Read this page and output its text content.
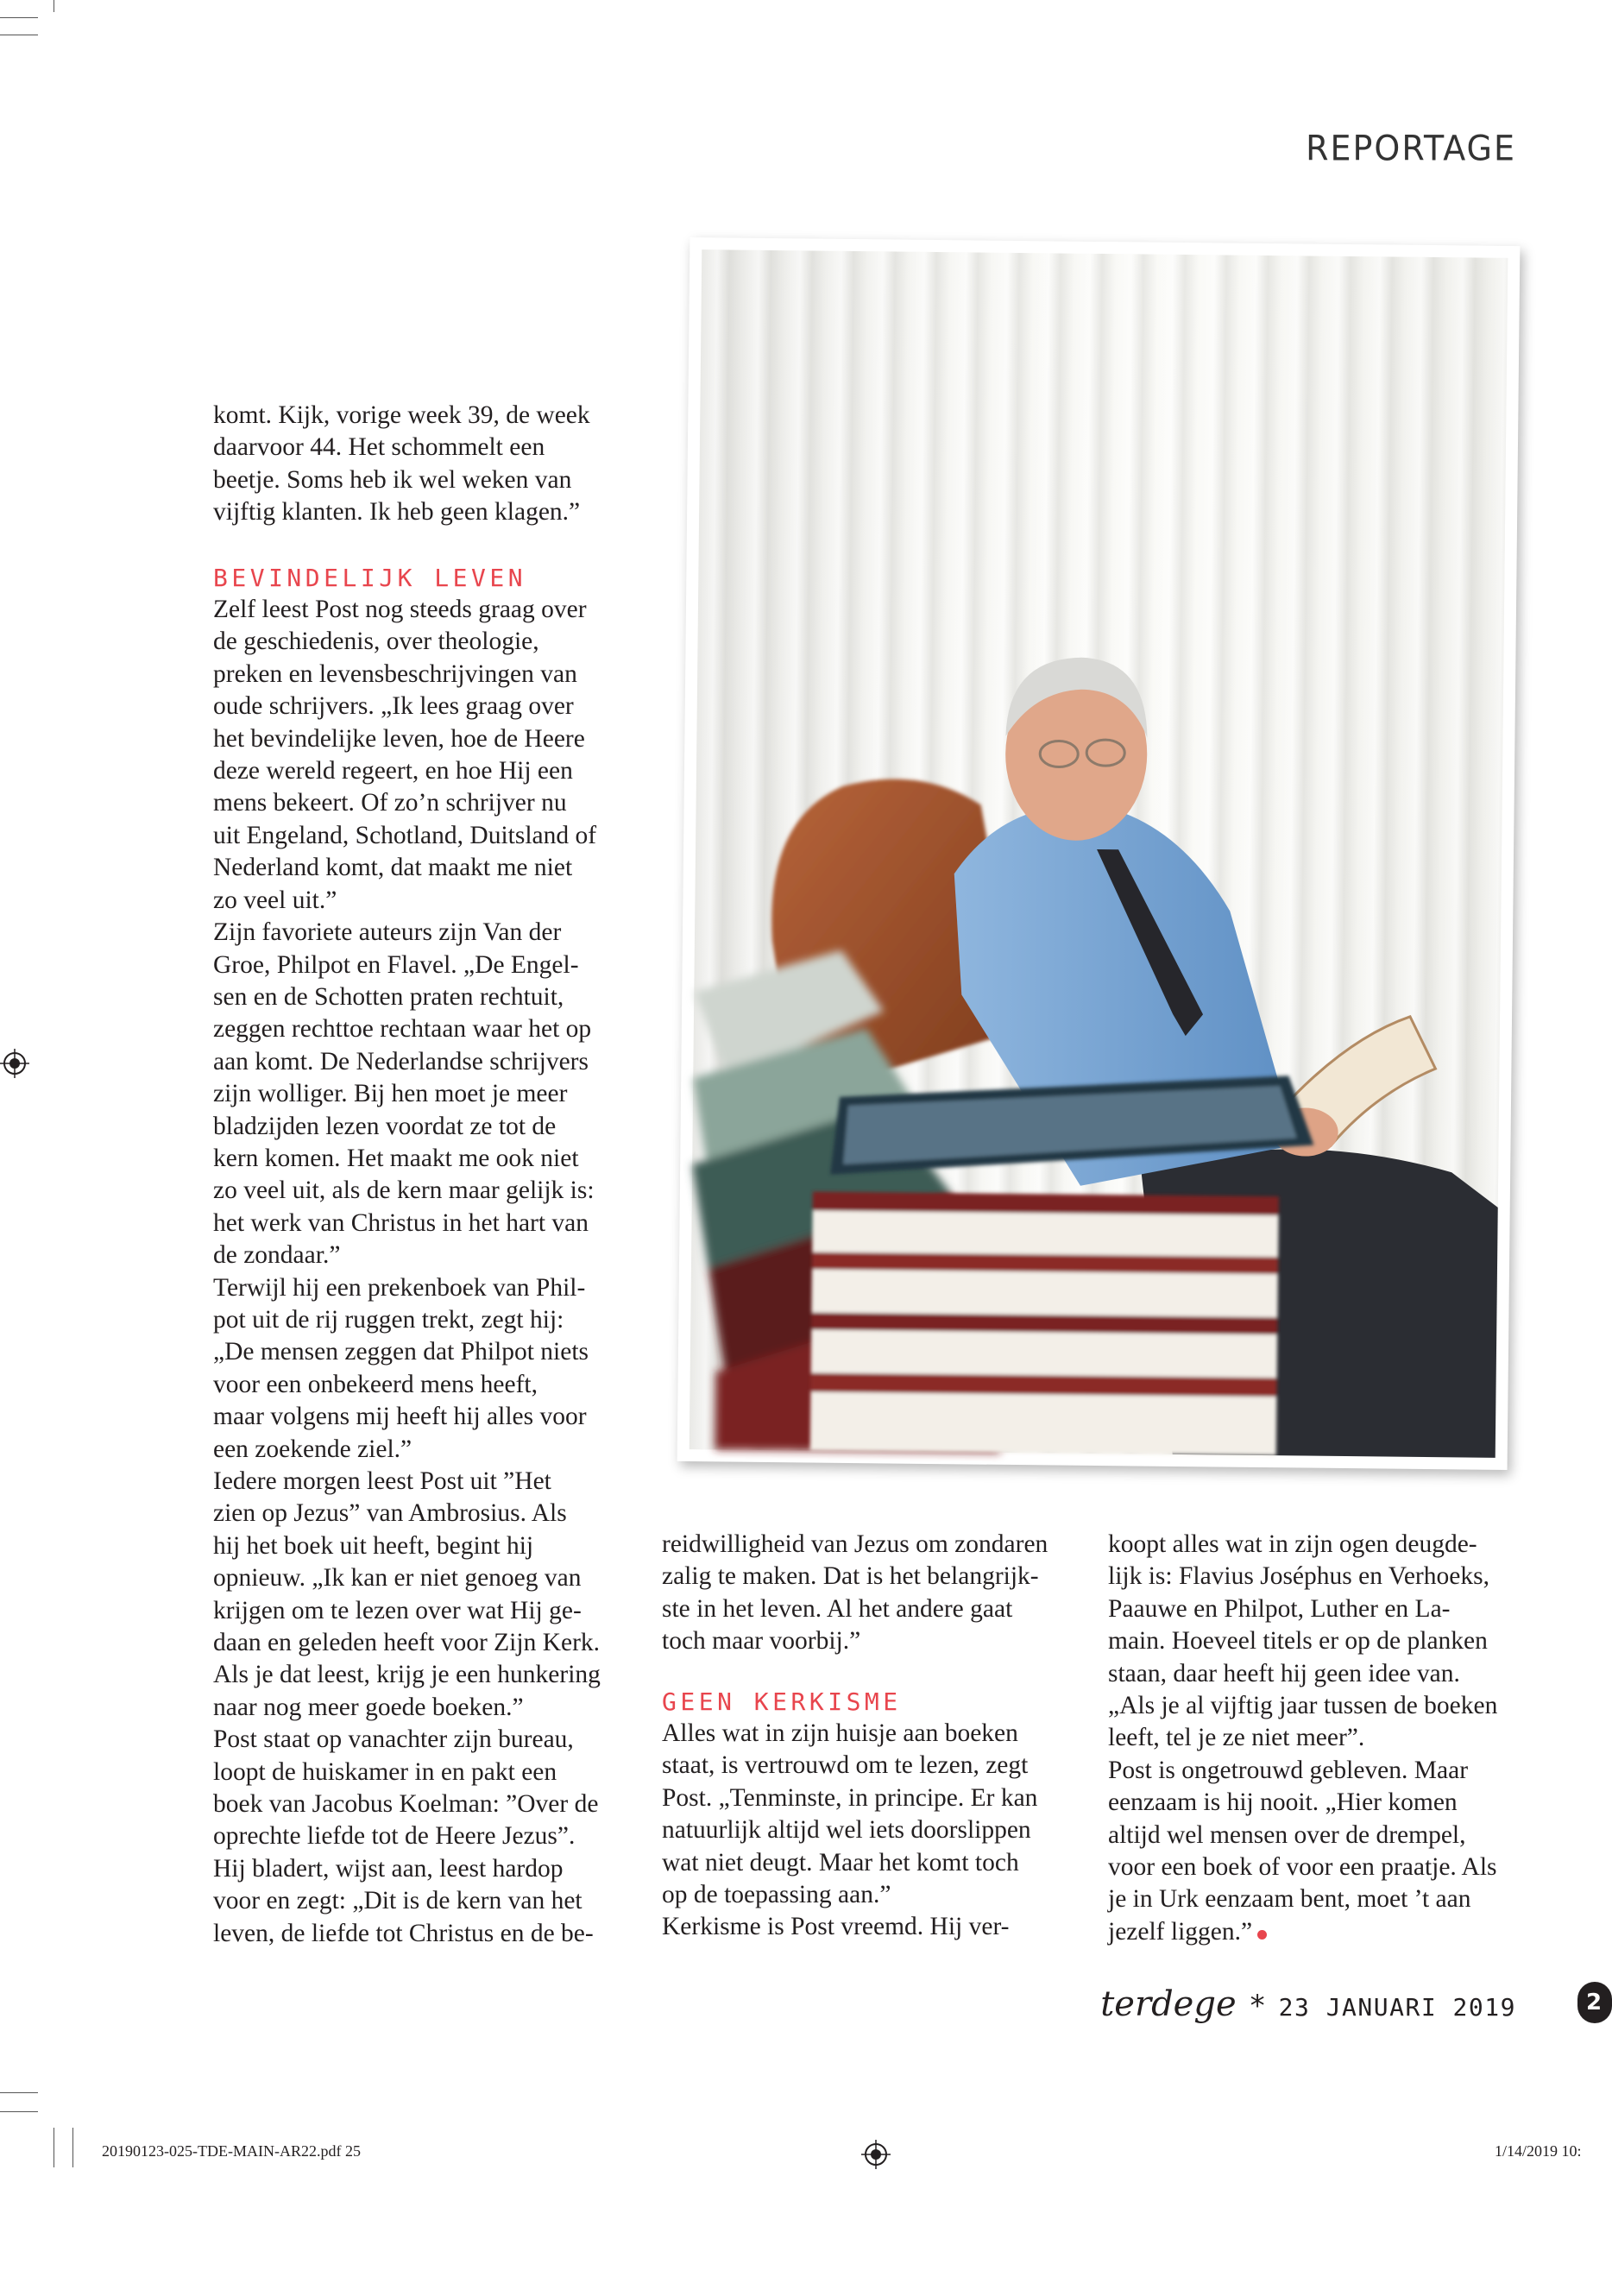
REPORTAGE

komt. Kijk, vorige week 39, de week

daarvoor 44. Het schommelt een

beetje. Soms heb ik wel weken van

vijftig klanten. Ik heb geen klagen.”

BEVINDELIJK LEVEN

Zelf leest Post nog steeds graag over

de geschiedenis, over theologie,

preken en levensbeschrijvingen van

oude schrijvers. „Ik lees graag over

het bevindelijke leven, hoe de Heere

deze wereld regeert, en hoe Hij een

mens bekeert. Of zo’n schrijver nu

uit Engeland, Schotland, Duitsland of

Nederland komt, dat maakt me niet

zo veel uit.”

Zijn favoriete auteurs zijn Van der

Groe, Philpot en Flavel. „De Engel-

sen en de Schotten praten rechtuit,

zeggen rechttoe rechtaan waar het op

aan komt. De Nederlandse schrijvers

zijn wolliger. Bij hen moet je meer

bladzijden lezen voordat ze tot de

kern komen. Het maakt me ook niet

zo veel uit, als de kern maar gelijk is:

het werk van Christus in het hart van

de zondaar.”

Terwijl hij een prekenboek van Phil-

pot uit de rij ruggen trekt, zegt hij:

„De mensen zeggen dat Philpot niets

voor een onbekeerd mens heeft,

maar volgens mij heeft hij alles voor

een zoekende ziel.”

Iedere morgen leest Post uit ”Het

zien op Jezus” van Ambrosius. Als

hij het boek uit heeft, begint hij

opnieuw. „Ik kan er niet genoeg van

krijgen om te lezen over wat Hij ge-

daan en geleden heeft voor Zijn Kerk.

Als je dat leest, krijg je een hunkering

naar nog meer goede boeken.”

Post staat op vanachter zijn bureau,

loopt de huiskamer in en pakt een

boek van Jacobus Koelman: ”Over de

oprechte liefde tot de Heere Jezus”.

Hij bladert, wijst aan, leest hardop

voor en zegt: „Dit is de kern van het

leven, de liefde tot Christus en de be-

reidwilligheid van Jezus om zondaren

zalig te maken. Dat is het belangrijk-

ste in het leven. Al het andere gaat

toch maar voorbij.”

GEEN KERKISME

Alles wat in zijn huisje aan boeken

staat, is vertrouwd om te lezen, zegt

Post. „Tenminste, in principe. Er kan

natuurlijk altijd wel iets doorslippen

wat niet deugt. Maar het komt toch

op de toepassing aan.”

Kerkisme is Post vreemd. Hij ver-

koopt alles wat in zijn ogen deugde-

lijk is: Flavius Joséphus en Verhoeks,

Paauwe en Philpot, Luther en La-

main. Hoeveel titels er op de planken

staan, daar heeft hij geen idee van.

„Als je al vijftig jaar tussen de boeken

leeft, tel je ze niet meer”.

Post is ongetrouwd gebleven. Maar

eenzaam is hij nooit. „Hier komen

altijd wel mensen over de drempel,

voor een boek of voor een praatje. Als

je in Urk eenzaam bent, moet ’t aan

jezelf liggen.”

terdege * 23 JANUARI 2019	2
20190123-025-TDE-MAIN-AR22.pdf 25	1/14/2019 10:
